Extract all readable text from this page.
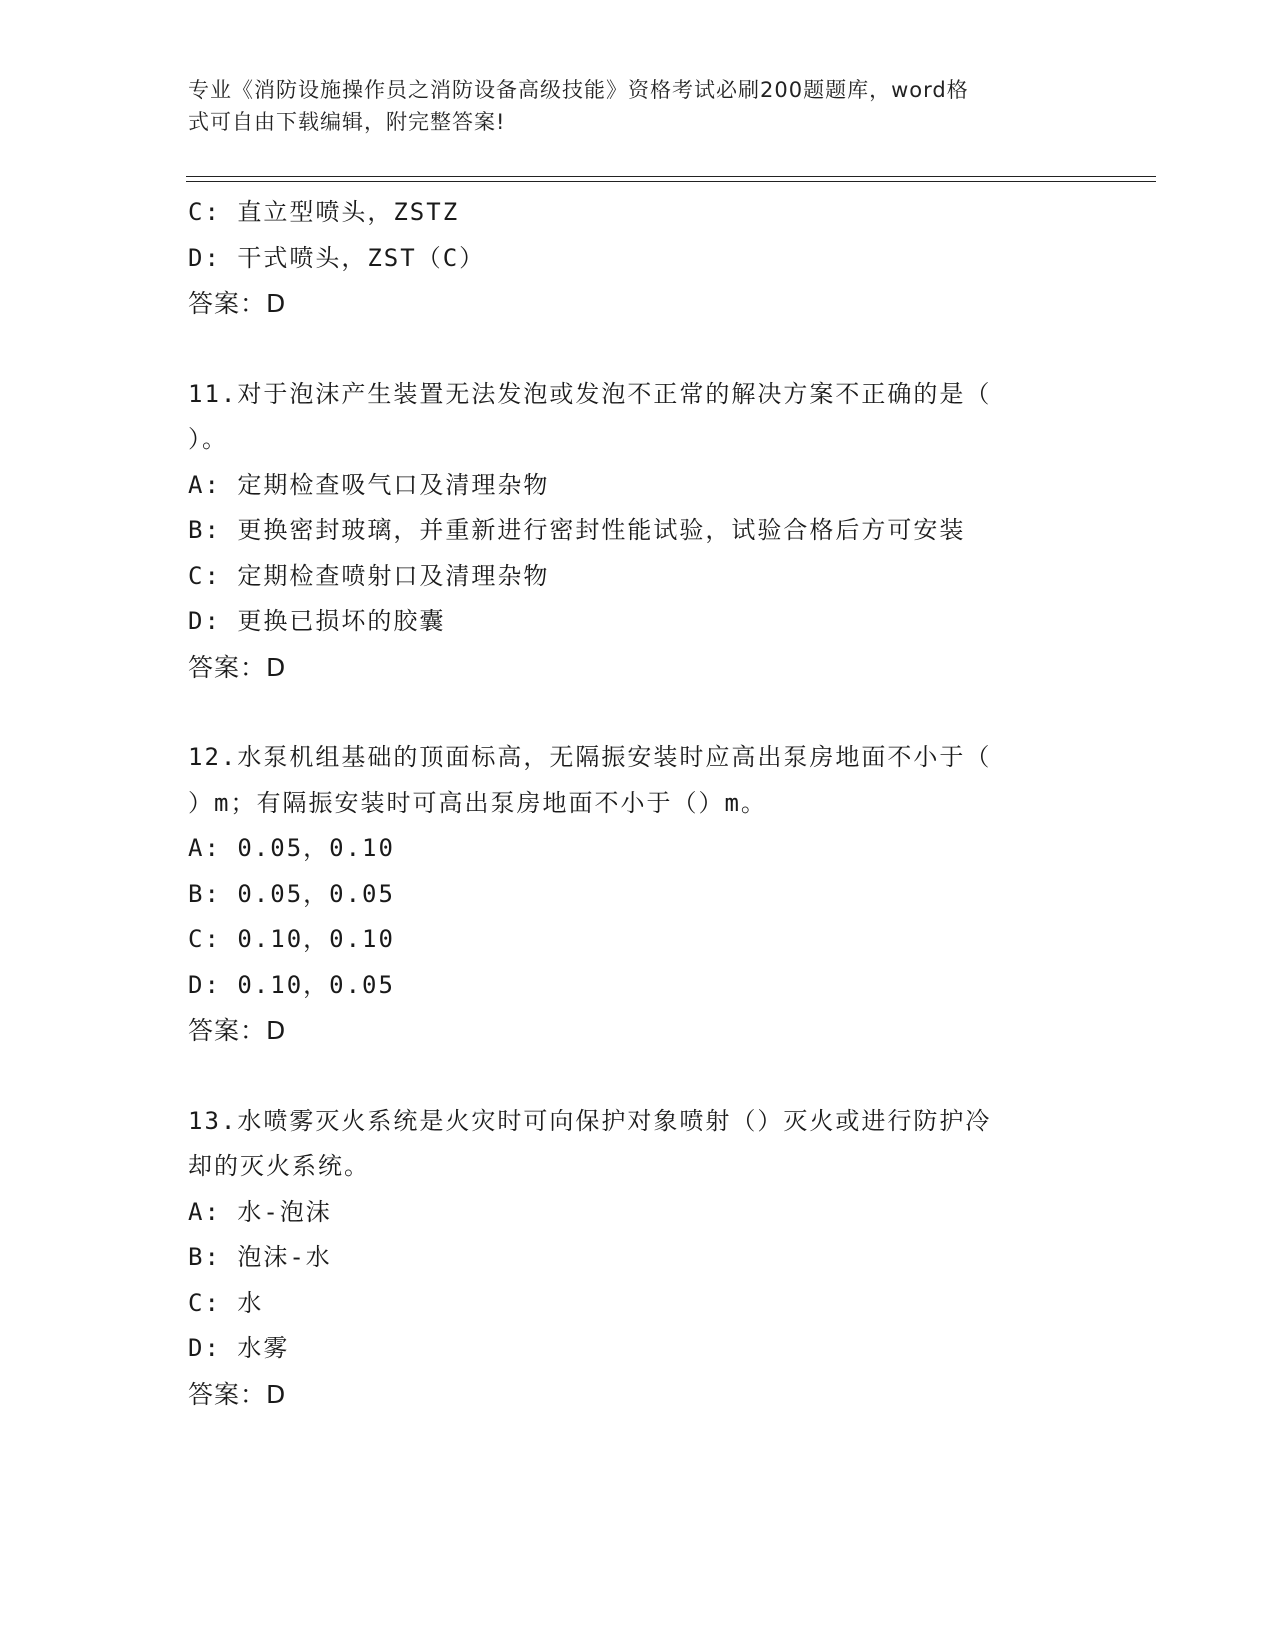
专业《消防设施操作员之消防设备高级技能》资格考试必刷200题题库，word格
式可自由下载编辑，附完整答案!
C: 直立型喷头，ZSTZ
D: 干式喷头，ZST（C）
答案：D
11.对于泡沫产生装置无法发泡或发泡不正常的解决方案不正确的是（
）。
A: 定期检查吸气口及清理杂物
B: 更换密封玻璃，并重新进行密封性能试验，试验合格后方可安装
C: 定期检查喷射口及清理杂物
D: 更换已损坏的胶囊
答案：D
12.水泵机组基础的顶面标高，无隔振安装时应高出泵房地面不小于（
）m；有隔振安装时可高出泵房地面不小于（）m。
A: 0.05，0.10
B: 0.05，0.05
C: 0.10，0.10
D: 0.10，0.05
答案：D
13.水喷雾灭火系统是火灾时可向保护对象喷射（）灭火或进行防护冷
却的灭火系统。
A: 水-泡沫
B: 泡沫-水
C: 水
D: 水雾
答案：D
